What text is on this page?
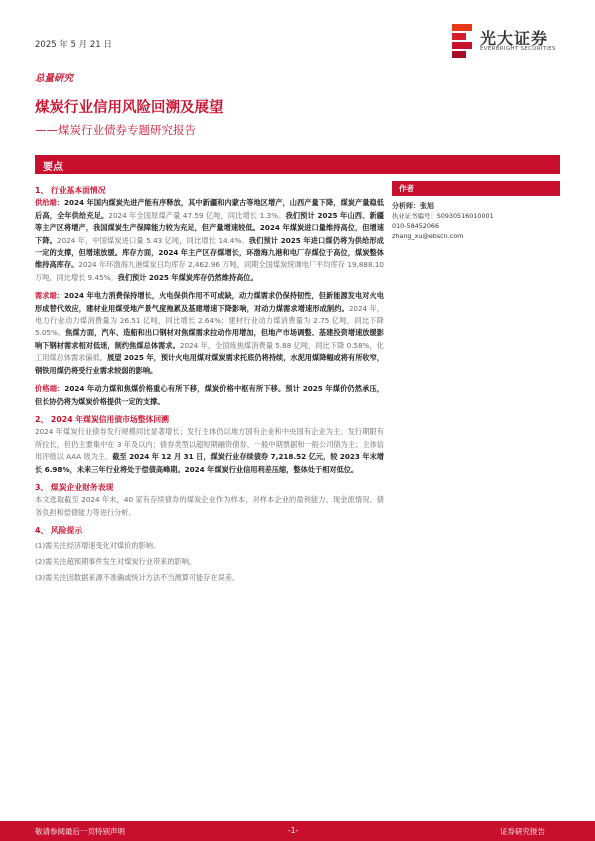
2025 年 5 月 21 日	光大证券
EVERBRIGHT SECURITIES
总量研究
煤炭行业信用风险回溯及展望
——煤炭行业债券专题研究报告
要点

1、 行业基本面情况

供给端：2024 年国内煤炭先进产能有序释放，其中新疆和内蒙古等地区增产，山西产量下降，煤炭产量稳低后高，全年供给充足。2024 年全国原煤产量 47.59 亿吨，同比增长 1.3%。我们预计 2025 年山西、新疆等主产区将增产，我国煤炭生产保障能力较为充足，但产量增速较低。2024 年煤炭进口量维持高位，但增速下降。2024 年，中国煤炭进口量 5.43 亿吨，同比增长 14.4%。我们预计 2025 年进口煤仍将为供给形成一定的支撑，但增速放缓。库存方面，2024 年主产区存煤增长，环渤海九港和电厂存煤位于高位，煤炭整体维持高库存。2024 年环渤海九港煤炭日均库存 2,462.96 万吨，同期全国煤炭统调电厂平均库存 19,888.10 万吨，同比增长 9.45%。我们预计 2025 年煤炭库存仍然维持高位。

需求端：2024 年电力消费保持增长，火电保供作用不可或缺，动力煤需求仍保持韧性，但新能源发电对火电形成替代效应，建材业用煤受地产景气度拖累及基建增速下降影响，对动力煤需求增速形成制约。2024 年，电力行业动力煤消费量为 26.51 亿吨，同比增长 2.64%；建材行业动力煤消费量为 2.75 亿吨，同比下降 5.05%。焦煤方面，汽车、造船和出口钢材对焦煤需求拉动作用增加，但地产市场调整、基建投资增速放缓影响下钢材需求相对低迷，制约焦煤总体需求。2024 年，全国炼焦煤消费量 5.88 亿吨，同比下降 0.58%，化工用煤总体需求偏低。展望 2025 年，预计火电用煤对煤炭需求托底仍将持续，水泥用煤降幅或将有所收窄，钢铁用煤仍将受行业需求较弱的影响。

价格端：2024 年动力煤和焦煤价格重心有所下移，煤炭价格中枢有所下移。预计 2025 年煤价仍然承压，但长协仍将为煤炭价格提供一定的支撑。

2、 2024 年煤炭信用债市场整体回溯

2024 年煤炭行业债券发行规模同比显著增长；发行主体仍以地方国有企业和中央国有企业为主；发行期限有所拉长，但仍主要集中在 3 年及以内；债券类型以超短期融资债券、一般中期票据和一般公司债为主；主体信用评级以 AAA 级为主。截至 2024 年 12 月 31 日，煤炭行业存续债券 7,218.52 亿元，较 2023 年末增长 6.98%，未来三年行业将处于偿债高峰期。2024 年煤炭行业信用利差压缩，整体处于相对低位。

3、 煤炭企业财务表现

本文选取截至 2024 年末，40 家有存续债券的煤炭企业作为样本，对样本企业的盈利能力、现金流情况、债务负担和偿债能力等进行分析。

4、 风险提示

(1)需关注经济增速变化对煤价的影响。

(2)需关注超预期事件发生对煤炭行业带来的影响。

(3)需关注因数据来源不准确或统计方法不当测算可能存在误差。

作者
分析师：张旭
执业证书编号：S0930516010001
010-58452066
zhang_xu@ebscn.com
敬请参阅最后一页特别声明	-1-	证券研究报告
